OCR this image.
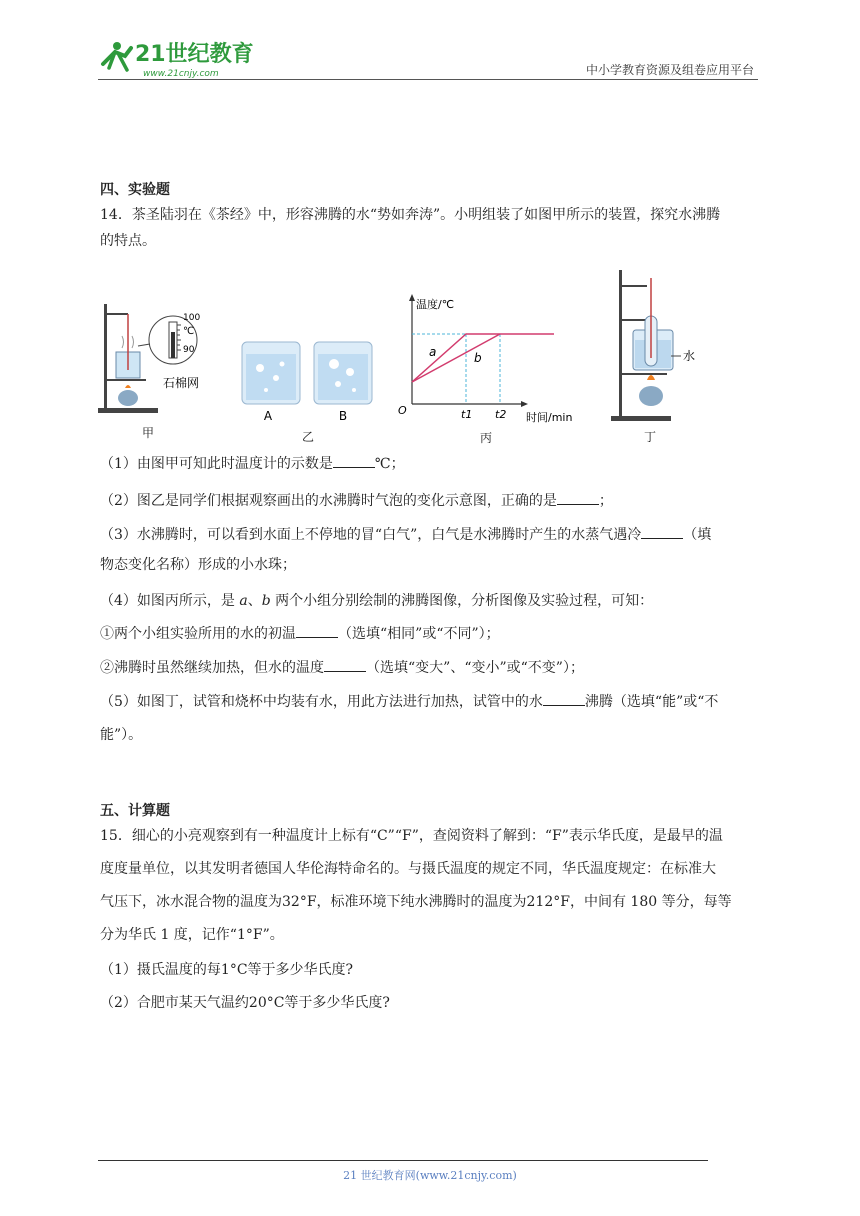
21世纪教育
www.21cnjy.com	中小学教育资源及组卷应用平台
四、实验题
14．茶圣陆羽在《茶经》中，形容沸腾的水“势如奔涛”。小明组装了如图甲所示的装置，探究水沸腾
的特点。
100
℃
90
石棉网
甲
A	B
乙
温度/℃
时间/min
O
a	b
t1 t2
丙
水
丁
（1）由图甲可知此时温度计的示数是	℃；
（2）图乙是同学们根据观察画出的水沸腾时气泡的变化示意图，正确的是	；
（3）水沸腾时，可以看到水面上不停地的冒“白气”，白气是水沸腾时产生的水蒸气遇冷	（填
物态变化名称）形成的小水珠；
（4）如图丙所示，是 a、b 两个小组分别绘制的沸腾图像，分析图像及实验过程，可知：
①两个小组实验所用的水的初温	（选填“相同”或“不同”）；
②沸腾时虽然继续加热，但水的温度	（选填“变大”、“变小”或“不变”）；
（5）如图丁，试管和烧杯中均装有水，用此方法进行加热，试管中的水	沸腾（选填“能”或“不
能”）。
五、计算题
15．细心的小亮观察到有一种温度计上标有“C”“F”，查阅资料了解到：“F”表示华氏度，是最早的温
度度量单位，以其发明者德国人华伦海特命名的。与摄氏温度的规定不同，华氏温度规定：在标准大
气压下，冰水混合物的温度为32°F，标准环境下纯水沸腾时的温度为212°F，中间有 180 等分，每等
分为华氏 1 度，记作“1°F”。
（1）摄氏温度的每1°C等于多少华氏度?
（2）合肥市某天气温约20°C等于多少华氏度?
21 世纪教育网(www.21cnjy.com)
